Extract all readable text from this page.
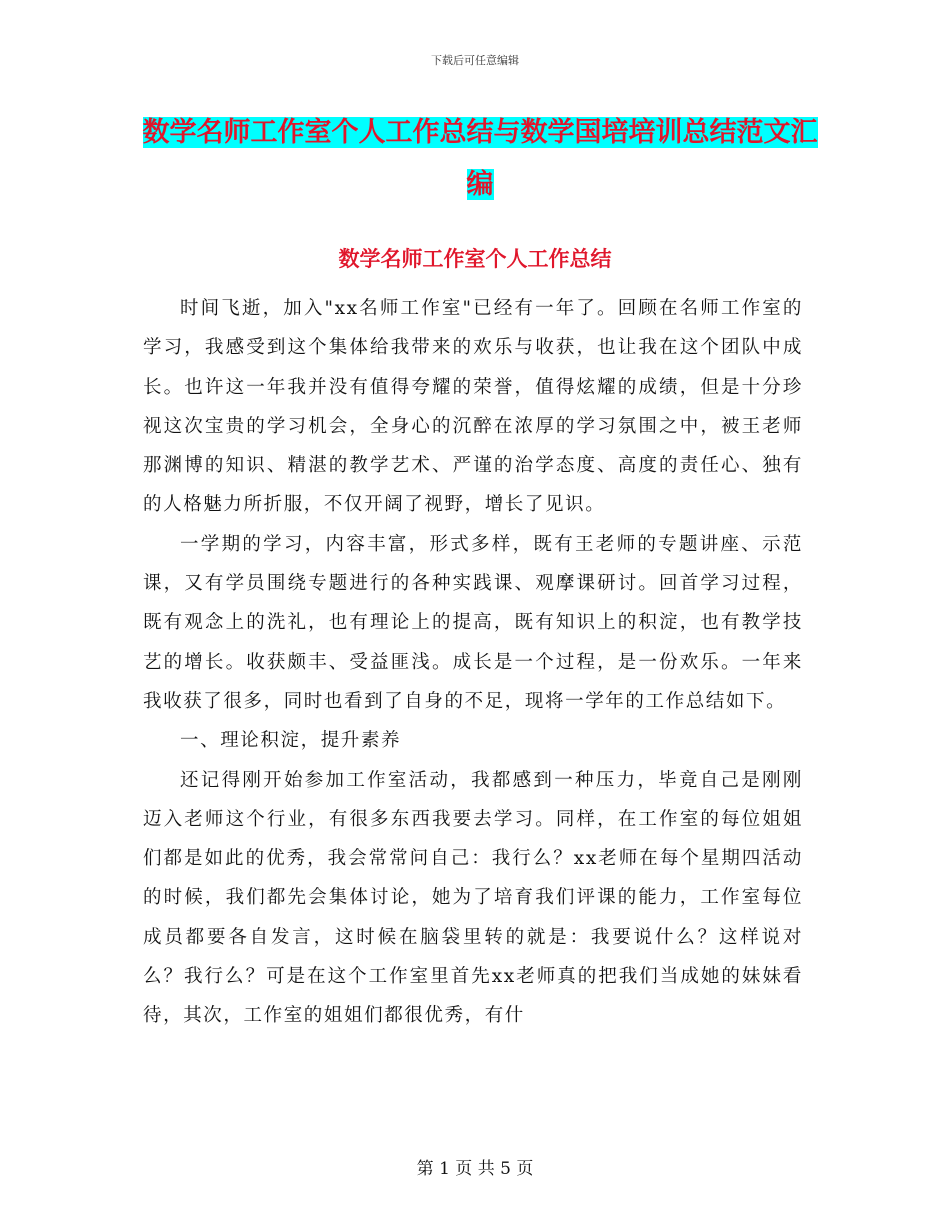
下载后可任意编辑
数学名师工作室个人工作总结与数学国培培训总结范文汇编
数学名师工作室个人工作总结

时间飞逝，加入"xx名师工作室"已经有一年了。回顾在名师工作室的学习，我感受到这个集体给我带来的欢乐与收获，也让我在这个团队中成长。也许这一年我并没有值得夸耀的荣誉，值得炫耀的成绩，但是十分珍视这次宝贵的学习机会，全身心的沉醉在浓厚的学习氛围之中，被王老师那渊博的知识、精湛的教学艺术、严谨的治学态度、高度的责任心、独有的人格魅力所折服，不仅开阔了视野，增长了见识。

一学期的学习，内容丰富，形式多样，既有王老师的专题讲座、示范课，又有学员围绕专题进行的各种实践课、观摩课研讨。回首学习过程，既有观念上的洗礼，也有理论上的提高，既有知识上的积淀，也有教学技艺的增长。收获颇丰、受益匪浅。成长是一个过程，是一份欢乐。一年来我收获了很多，同时也看到了自身的不足，现将一学年的工作总结如下。

一、理论积淀，提升素养

还记得刚开始参加工作室活动，我都感到一种压力，毕竟自己是刚刚迈入老师这个行业，有很多东西我要去学习。同样，在工作室的每位姐姐们都是如此的优秀，我会常常问自己：我行么？xx老师在每个星期四活动的时候，我们都先会集体讨论，她为了培育我们评课的能力，工作室每位成员都要各自发言，这时候在脑袋里转的就是：我要说什么？这样说对么？我行么？可是在这个工作室里首先xx老师真的把我们当成她的妹妹看待，其次，工作室的姐姐们都很优秀，有什

第 1 页 共 5 页
